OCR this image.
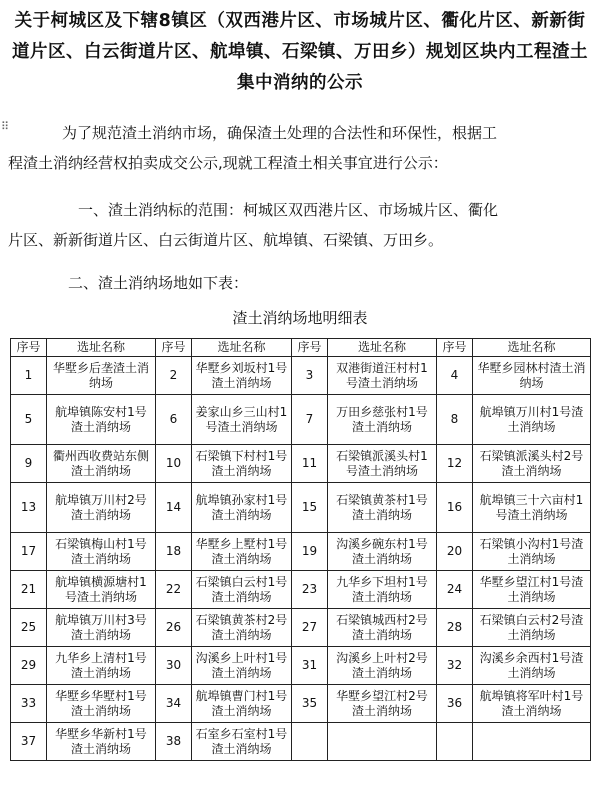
关于柯城区及下辖8镇区（双西港片区、市场城片区、衢化片区、新新街道片区、白云街道片区、航埠镇、石梁镇、万田乡）规划区块内工程渣土集中消纳的公示
⠿	为了规范渣土消纳市场，确保渣土处理的合法性和环保性，根据工
程渣土消纳经营权拍卖成交公示,现就工程渣土相关事宜进行公示：
一、渣土消纳标的范围：柯城区双西港片区、市场城片区、衢化
片区、新新街道片区、白云街道片区、航埠镇、石梁镇、万田乡。
二、渣土消纳场地如下表：
渣土消纳场地明细表
序号	选址名称	序号	选址名称	序号	选址名称	序号	选址名称
1	华墅乡后垄渣土消纳场	2	华墅乡刘坂村1号渣土消纳场	3	双港街道汪村村1号渣土消纳场	4	华墅乡园林村渣土消纳场
5	航埠镇陈安村1号渣土消纳场	6	姜家山乡三山村1号渣土消纳场	7	万田乡慈张村1号渣土消纳场	8	航埠镇万川村1号渣土消纳场
9	衢州西收费站东侧渣土消纳场	10	石梁镇下村村1号渣土消纳场	11	石梁镇派溪头村1号渣土消纳场	12	石梁镇派溪头村2号渣土消纳场
13	航埠镇万川村2号渣土消纳场	14	航埠镇孙家村1号渣土消纳场	15	石梁镇黄茶村1号渣土消纳场	16	航埠镇三十六亩村1号渣土消纳场
17	石梁镇梅山村1号渣土消纳场	18	华墅乡上墅村1号渣土消纳场	19	沟溪乡碗东村1号渣土消纳场	20	石梁镇小沟村1号渣土消纳场
21	航埠镇横源塘村1号渣土消纳场	22	石梁镇白云村1号渣土消纳场	23	九华乡下坦村1号渣土消纳场	24	华墅乡望江村1号渣土消纳场
25	航埠镇万川村3号渣土消纳场	26	石梁镇黄茶村2号渣土消纳场	27	石梁镇城西村2号渣土消纳场	28	石梁镇白云村2号渣土消纳场
29	九华乡上清村1号渣土消纳场	30	沟溪乡上叶村1号渣土消纳场	31	沟溪乡上叶村2号渣土消纳场	32	沟溪乡余西村1号渣土消纳场
33	华墅乡华墅村1号渣土消纳场	34	航埠镇曹门村1号渣土消纳场	35	华墅乡望江村2号渣土消纳场	36	航埠镇将军叶村1号渣土消纳场
37	华墅乡华新村1号渣土消纳场	38	石室乡石室村1号渣土消纳场				
